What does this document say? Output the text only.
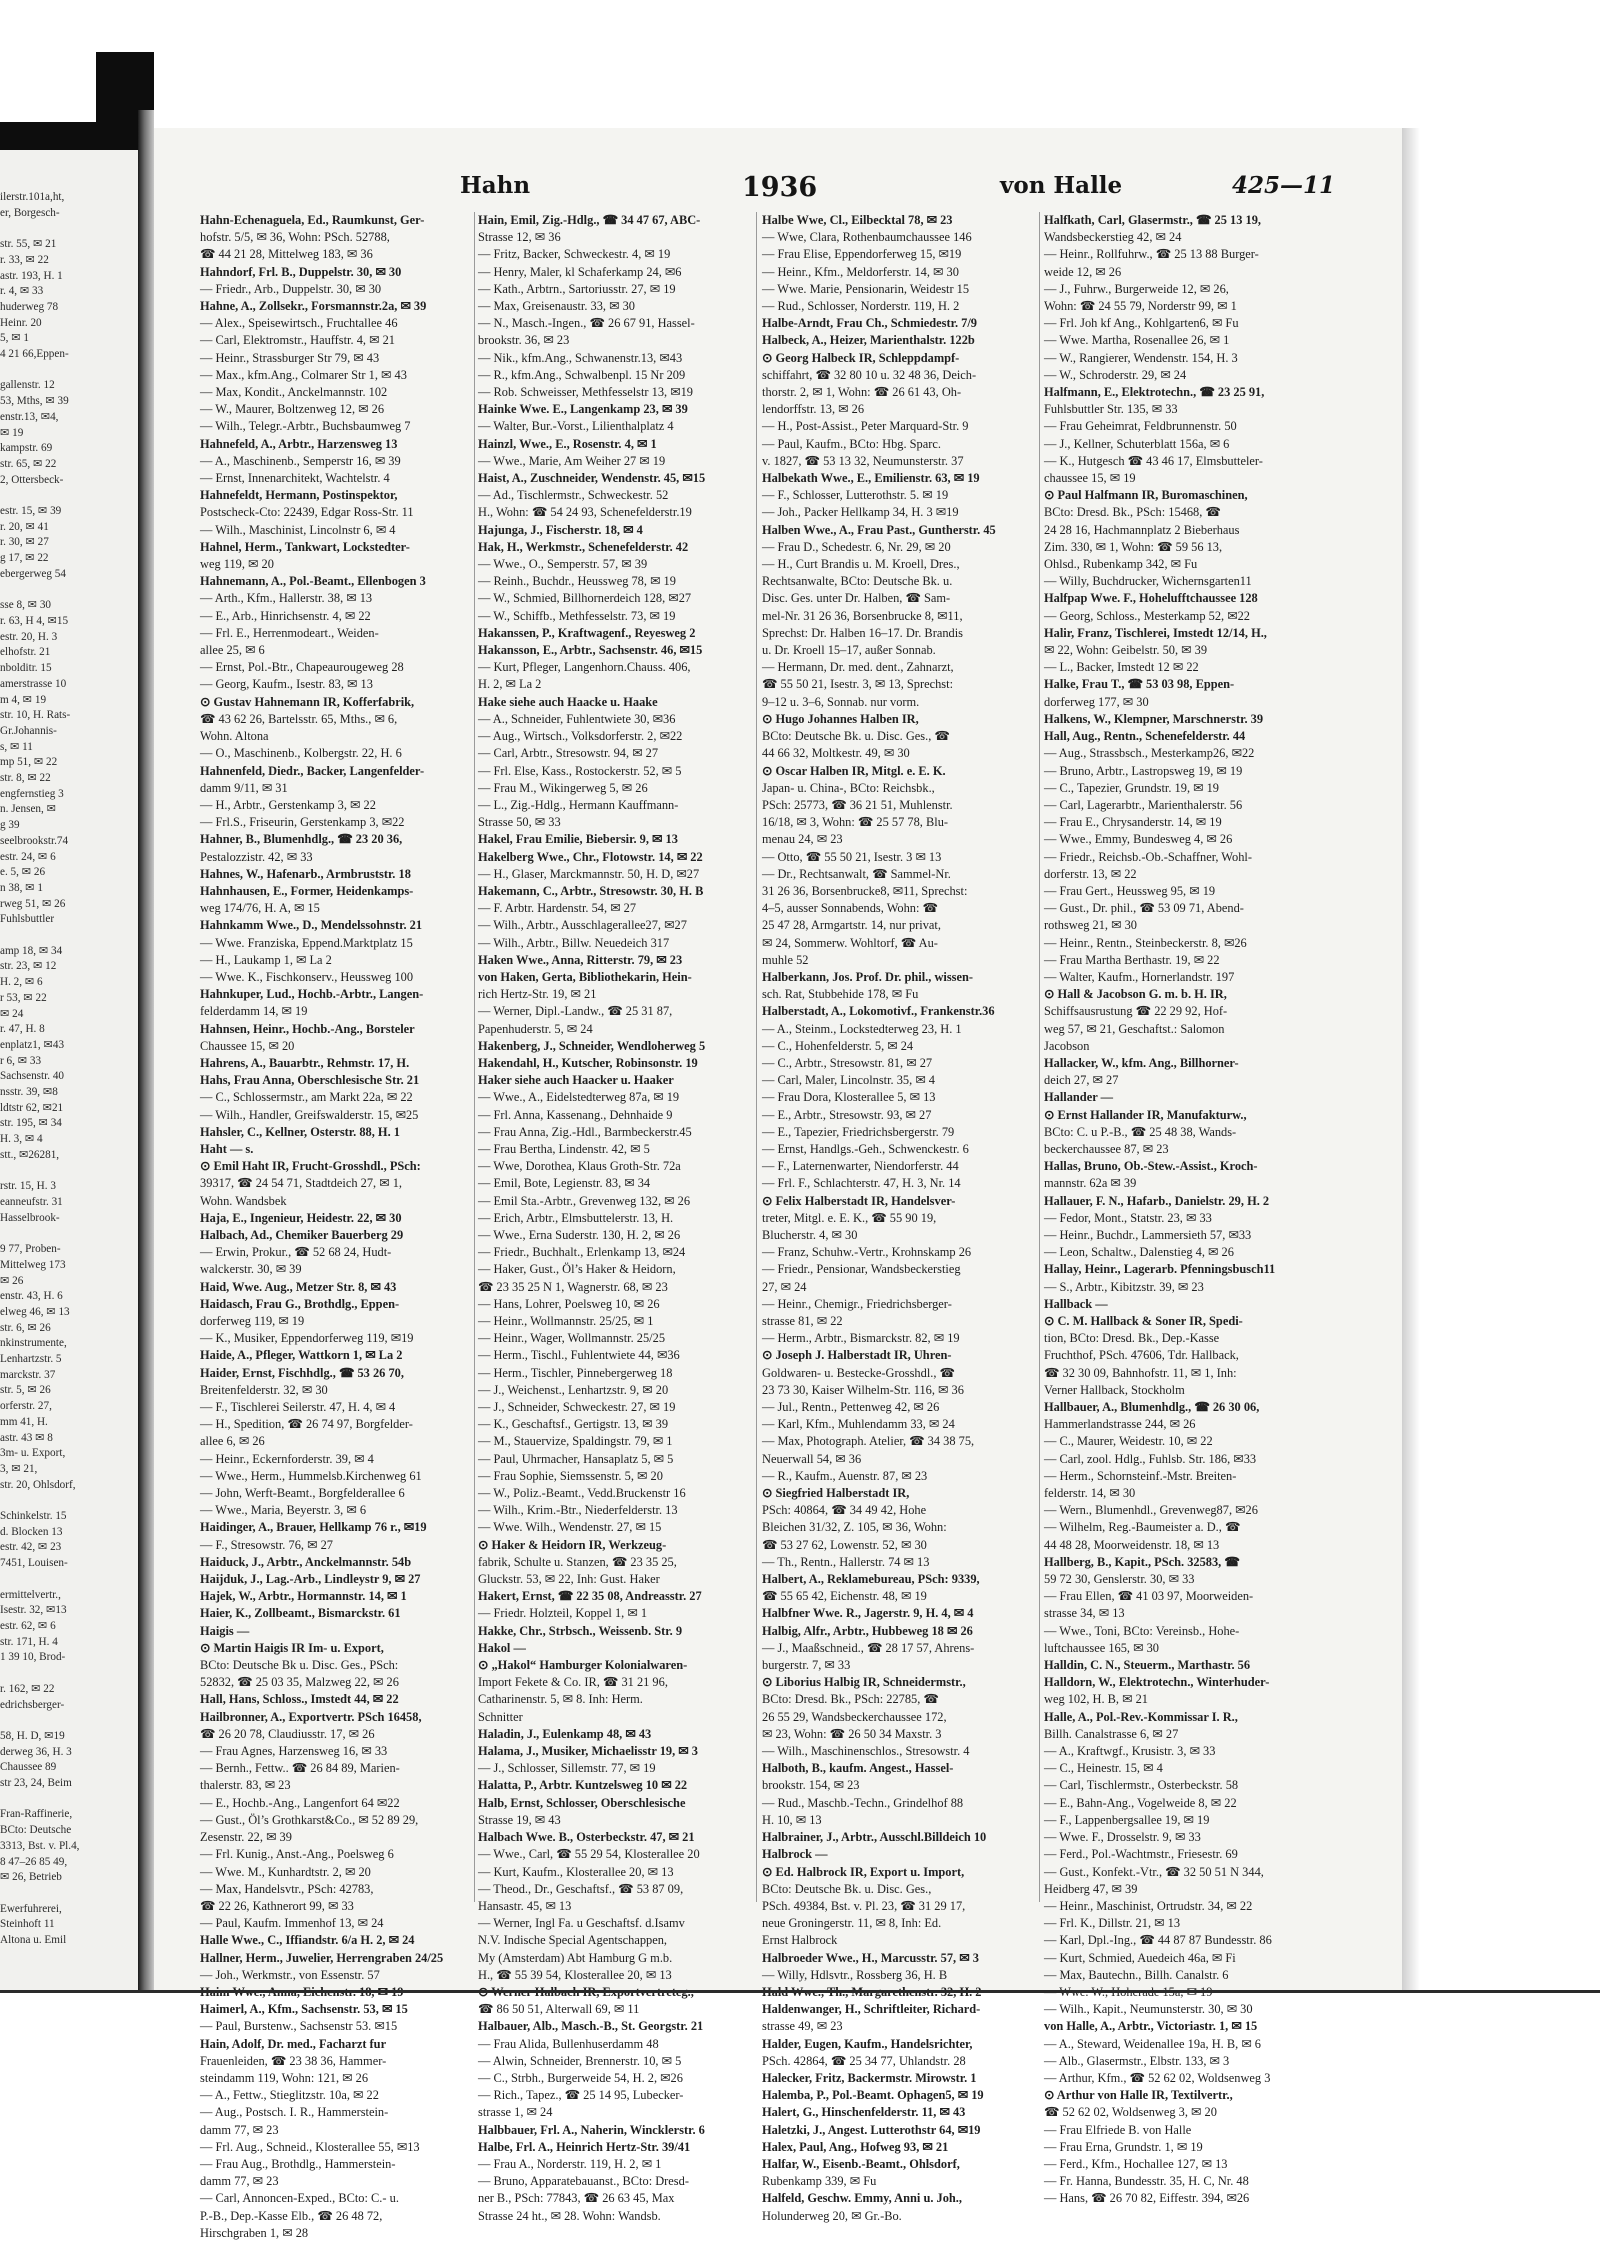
ilerstr.101a,ht,
er, Borgesch-

str. 55, ✉ 21
r. 33, ✉ 22
astr. 193, H. 1
r. 4, ✉ 33
huderweg 78
Heinr. 20
5, ✉ 1
4 21 66,Eppen-

gallenstr. 12
53, Mths, ✉ 39
enstr.13, ✉4,
✉ 19
kampstr. 69
str. 65, ✉ 22
2, Ottersbeck-

estr. 15, ✉ 39
r. 20, ✉ 41
r. 30, ✉ 27
g 17, ✉ 22
ebergerweg 54

sse 8, ✉ 30
r. 63, H 4, ✉15
estr. 20, H. 3
elhofstr. 21
nbolditr. 15
amerstrasse 10
m 4, ✉ 19
str. 10, H. Rats-
Gr.Johannis-
s, ✉ 11
mp 51, ✉ 22
str. 8, ✉ 22
engfernstieg 3
n. Jensen, ✉
g 39
seelbrookstr.74
estr. 24, ✉ 6
e. 5, ✉ 26
n 38, ✉ 1
rweg 51, ✉ 26
Fuhlsbuttler

amp 18, ✉ 34
str. 23, ✉ 12
H. 2, ✉ 6
r 53, ✉ 22
✉ 24
r. 47, H. 8
enplatz1, ✉43
r 6, ✉ 33
Sachsenstr. 40
nsstr. 39, ✉8
ldtstr 62, ✉21
str. 195, ✉ 34
H. 3, ✉ 4
stt., ✉26281,

rstr. 15, H. 3
eanneufstr. 31
Hasselbrook-

9 77, Proben-
Mittelweg 173
✉ 26
enstr. 43, H. 6
elweg 46, ✉ 13
str. 6, ✉ 26
nkinstrumente,
Lenhartzstr. 5
marckstr. 37
str. 5, ✉ 26
orferstr. 27,
mm 41, H.
astr. 43 ✉ 8
3m- u. Export,
3, ✉ 21,
str. 20, Ohlsdorf,

Schinkelstr. 15
d. Blocken 13
estr. 42, ✉ 23
7451, Louisen-

ermittelvertr.,
Isestr. 32, ✉13
estr. 62, ✉ 6
str. 171, H. 4
1 39 10, Brod-

r. 162, ✉ 22
edrichsberger-

58, H. D, ✉19
derweg 36, H. 3
Chaussee 89
str 23, 24, Beim

Fran-Raffinerie,
BCto: Deutsche
3313, Bst. v. Pl.4,
8 47–26 85 49,
✉ 26, Betrieb

Ewerfuhrerei,
Steinhoft 11
Altona u. Emil
Hahn	1936	von Halle	425—11
Hahn-Echenaguela, Ed., Raumkunst, Ger-
hofstr. 5/5, ✉ 36, Wohn: PSch. 52788,
☎ 44 21 28, Mittelweg 183, ✉ 36
Hahndorf, Frl. B., Duppelstr. 30, ✉ 30
— Friedr., Arb., Duppelstr. 30, ✉ 30
Hahne, A., Zollsekr., Forsmannstr.2a, ✉ 39
— Alex., Speisewirtsch., Fruchtallee 46
— Carl, Elektromstr., Hauffstr. 4, ✉ 21
— Heinr., Strassburger Str 79, ✉ 43
— Max., kfm.Ang., Colmarer Str 1, ✉ 43
— Max, Kondit., Anckelmannstr. 102
— W., Maurer, Boltzenweg 12, ✉ 26
— Wilh., Telegr.-Arbtr., Buchsbaumweg 7
Hahnefeld, A., Arbtr., Harzensweg 13
— A., Maschinenb., Semperstr 16, ✉ 39
— Ernst, Innenarchitekt, Wachtelstr. 4
Hahnefeldt, Hermann, Postinspektor,
Postscheck-Cto: 22439, Edgar Ross-Str. 11
— Wilh., Maschinist, Lincolnstr 6, ✉ 4
Hahnel, Herm., Tankwart, Lockstedter-
weg 119, ✉ 20
Hahnemann, A., Pol.-Beamt., Ellenbogen 3
— Arth., Kfm., Hallerstr. 38, ✉ 13
— E., Arb., Hinrichsenstr. 4, ✉ 22
— Frl. E., Herrenmodeart., Weiden-
allee 25, ✉ 6
— Ernst, Pol.-Btr., Chapeaurougeweg 28
— Georg, Kaufm., Isestr. 83, ✉ 13
⊙ Gustav Hahnemann IR, Kofferfabrik,
☎ 43 62 26, Bartelsstr. 65, Mths., ✉ 6,
Wohn. Altona
— O., Maschinenb., Kolbergstr. 22, H. 6
Hahnenfeld, Diedr., Backer, Langenfelder-
damm 9/11, ✉ 31
— H., Arbtr., Gerstenkamp 3, ✉ 22
— Frl.S., Friseurin, Gerstenkamp 3, ✉22
Hahner, B., Blumenhdlg., ☎ 23 20 36,
Pestalozzistr. 42, ✉ 33
Hahnes, W., Hafenarb., Armbruststr. 18
Hahnhausen, E., Former, Heidenkamps-
weg 174/76, H. A, ✉ 15
Hahnkamm Wwe., D., Mendelssohnstr. 21
— Wwe. Franziska, Eppend.Marktplatz 15
— H., Laukamp 1, ✉ La 2
— Wwe. K., Fischkonserv., Heussweg 100
Hahnkuper, Lud., Hochb.-Arbtr., Langen-
felderdamm 14, ✉ 19
Hahnsen, Heinr., Hochb.-Ang., Borsteler
Chaussee 15, ✉ 20
Hahrens, A., Bauarbtr., Rehmstr. 17, H.
Hahs, Frau Anna, Oberschlesische Str. 21
— C., Schlossermstr., am Markt 22a, ✉ 22
— Wilh., Handler, Greifswalderstr. 15, ✉25
Hahsler, C., Kellner, Osterstr. 88, H. 1
Haht — s.
⊙ Emil Haht IR, Frucht-Grosshdl., PSch:
39317, ☎ 24 54 71, Stadtdeich 27, ✉ 1,
Wohn. Wandsbek
Haja, E., Ingenieur, Heidestr. 22, ✉ 30
Halbach, Ad., Chemiker Bauerberg 29
— Erwin, Prokur., ☎ 52 68 24, Hudt-
walckerstr. 30, ✉ 39
Haid, Wwe. Aug., Metzer Str. 8, ✉ 43
Haidasch, Frau G., Brothdlg., Eppen-
dorferweg 119, ✉ 19
— K., Musiker, Eppendorferweg 119, ✉19
Haide, A., Pfleger, Wattkorn 1, ✉ La 2
Haider, Ernst, Fischhdlg., ☎ 53 26 70,
Breitenfelderstr. 32, ✉ 30
— F., Tischlerei Seilerstr. 47, H. 4, ✉ 4
— H., Spedition, ☎ 26 74 97, Borgfelder-
allee 6, ✉ 26
— Heinr., Eckernforderstr. 39, ✉ 4
— Wwe., Herm., Hummelsb.Kirchenweg 61
— John, Werft-Beamt., Borgfelderallee 6
— Wwe., Maria, Beyerstr. 3, ✉ 6
Haidinger, A., Brauer, Hellkamp 76 r., ✉19
— F., Stresowstr. 76, ✉ 27
Haiduck, J., Arbtr., Anckelmannstr. 54b
Haijduk, J., Lag.-Arb., Lindleystr 9, ✉ 27
Hajek, W., Arbtr., Hormannstr. 14, ✉ 1
Haier, K., Zollbeamt., Bismarckstr. 61
Haigis —
⊙ Martin Haigis IR Im- u. Export,
BCto: Deutsche Bk u. Disc. Ges., PSch:
52832, ☎ 25 03 35, Malzweg 22, ✉ 26
Hall, Hans, Schloss., Imstedt 44, ✉ 22
Hailbronner, A., Exportvertr. PSch 16458,
☎ 26 20 78, Claudiusstr. 17, ✉ 26
— Frau Agnes, Harzensweg 16, ✉ 33
— Bernh., Fettw.. ☎ 26 84 89, Marien-
thalerstr. 83, ✉ 23
— E., Hochb.-Ang., Langenfort 64 ✉22
— Gust., Öl’s Grothkarst&Co., ✉ 52 89 29,
Zesenstr. 22, ✉ 39
— Frl. Kunig., Anst.-Ang., Poelsweg 6
— Wwe. M., Kunhardtstr. 2, ✉ 20
— Max, Handelsvtr., PSch: 42783,
☎ 22 26, Kathnerort 99, ✉ 33
— Paul, Kaufm. Immenhof 13, ✉ 24
Halle Wwe., C., Iffiandstr. 6/a H. 2, ✉ 24
Hallner, Herm., Juwelier, Herrengraben 24/25
— Joh., Werkmstr., von Essenstr. 57
Haimerl, A., Kfm., Sachsenstr. 53, ✉ 15
— Paul, Burstenw., Sachsenstr 53. ✉15
Hain, Adolf, Dr. med., Facharzt fur
Frauenleiden, ☎ 23 38 36, Hammer-
steindamm 119, Wohn: 121, ✉ 26
— A., Fettw., Stieglitzstr. 10a, ✉ 22
— Aug., Postsch. I. R., Hammerstein-
damm 77, ✉ 23
— Frl. Aug., Schneid., Klosterallee 55, ✉13
— Frau Aug., Brothdlg., Hammerstein-
damm 77, ✉ 23
— Carl, Annoncen-Exped., BCto: C.- u.
P.-B., Dep.-Kasse Elb., ☎ 26 48 72,
Hirschgraben 1, ✉ 28
Hain, Emil, Zig.-Hdlg., ☎ 34 47 67, ABC-
Strasse 12, ✉ 36
— Fritz, Backer, Schweckestr. 4, ✉ 19
— Henry, Maler, kl Schaferkamp 24, ✉6
— Kath., Arbtrn., Sartoriusstr. 27, ✉ 19
— Max, Greisenaustr. 33, ✉ 30
— N., Masch.-Ingen., ☎ 26 67 91, Hassel-
brookstr. 36, ✉ 23
— Nik., kfm.Ang., Schwanenstr.13, ✉43
— R., kfm.Ang., Schwalbenpl. 15 Nr 209
— Rob. Schweisser, Methfesselstr 13, ✉19
Hainke Wwe. E., Langenkamp 23, ✉ 39
— Walter, Bur.-Vorst., Lilienthalplatz 4
Hainzl, Wwe., E., Rosenstr. 4, ✉ 1
— Wwe., Marie, Am Weiher 27 ✉ 19
Haist, A., Zuschneider, Wendenstr. 45, ✉15
— Ad., Tischlermstr., Schweckestr. 52
H., Wohn: ☎ 54 24 93, Schenefelderstr.19
Hajunga, J., Fischerstr. 18, ✉ 4
Hak, H., Werkmstr., Schenefelderstr. 42
— Wwe., O., Semperstr. 57, ✉ 39
— Reinh., Buchdr., Heussweg 78, ✉ 19
— W., Schmied, Billhornerdeich 128, ✉27
— W., Schiffb., Methfesselstr. 73, ✉ 19
Hakanssen, P., Kraftwagenf., Reyesweg 2
Hakansson, E., Arbtr., Sachsenstr. 46, ✉15
— Kurt, Pfleger, Langenhorn.Chauss. 406,
H. 2, ✉ La 2
Hake siehe auch Haacke u. Haake
— A., Schneider, Fuhlentwiete 30, ✉36
— Aug., Wirtsch., Volksdorferstr. 2, ✉22
— Carl, Arbtr., Stresowstr. 94, ✉ 27
— Frl. Else, Kass., Rostockerstr. 52, ✉ 5
— Frau M., Wikingerweg 5, ✉ 26
— L., Zig.-Hdlg., Hermann Kauffmann-
Strasse 50, ✉ 33
Hakel, Frau Emilie, Biebersir. 9, ✉ 13
Hakelberg Wwe., Chr., Flotowstr. 14, ✉ 22
— H., Glaser, Marckmannstr. 50, H. D, ✉27
Hakemann, C., Arbtr., Stresowstr. 30, H. B
— F. Arbtr. Hardenstr. 54, ✉ 27
— Wilh., Arbtr., Ausschlagerallee27, ✉27
— Wilh., Arbtr., Billw. Neuedeich 317
Haken Wwe., Anna, Ritterstr. 79, ✉ 23
von Haken, Gerta, Bibliothekarin, Hein-
rich Hertz-Str. 19, ✉ 21
— Werner, Dipl.-Landw., ☎ 25 31 87,
Papenhuderstr. 5, ✉ 24
Hakenberg, J., Schneider, Wendloherweg 5
Hakendahl, H., Kutscher, Robinsonstr. 19
Haker siehe auch Haacker u. Haaker
— Wwe., A., Eidelstedterweg 87a, ✉ 19
— Frl. Anna, Kassenang., Dehnhaide 9
— Frau Anna, Zig.-Hdl., Barmbeckerstr.45
— Frau Bertha, Lindenstr. 42, ✉ 5
— Wwe, Dorothea, Klaus Groth-Str. 72a
— Emil, Bote, Legienstr. 83, ✉ 34
— Emil Sta.-Arbtr., Grevenweg 132, ✉ 26
— Erich, Arbtr., Elmsbuttelerstr. 13, H.
— Wwe., Erna Suderstr. 130, H. 2, ✉ 26
— Friedr., Buchhalt., Erlenkamp 13, ✉24
— Haker, Gust., Öl’s Haker & Heidorn,
☎ 23 35 25 N 1, Wagnerstr. 68, ✉ 23
— Hans, Lohrer, Poelsweg 10, ✉ 26
— Heinr., Wollmannstr. 25/25, ✉ 1
— Heinr., Wager, Wollmannstr. 25/25
— Herm., Tischl., Fuhlentwiete 44, ✉36
— Herm., Tischler, Pinnebergerweg 18
— J., Weichenst., Lenhartzstr. 9, ✉ 20
— J., Schneider, Schweckestr. 27, ✉ 19
— K., Geschaftsf., Gertigstr. 13, ✉ 39
— M., Stauervize, Spaldingstr. 79, ✉ 1
— Paul, Uhrmacher, Hansaplatz 5, ✉ 5
— Frau Sophie, Siemssenstr. 5, ✉ 20
— W., Poliz.-Beamt., Vedd.Bruckenstr 16
— Wilh., Krim.-Btr., Niederfelderstr. 13
— Wwe. Wilh., Wendenstr. 27, ✉ 15
⊙ Haker & Heidorn IR, Werkzeug-
fabrik, Schulte u. Stanzen, ☎ 23 35 25,
Gluckstr. 53, ✉ 22, Inh: Gust. Haker
Hakert, Ernst, ☎ 22 35 08, Andreasstr. 27
— Friedr. Holzteil, Koppel 1, ✉ 1
Hakke, Chr., Strbsch., Weissenb. Str. 9
Hakol —
⊙ „Hakol“ Hamburger Kolonialwaren-
Import Fekete & Co. IR, ☎ 31 21 96,
Catharinenstr. 5, ✉ 8. Inh: Herm.
Schnitter
Haladin, J., Eulenkamp 48, ✉ 43
Halama, J., Musiker, Michaelisstr 19, ✉ 3
— J., Schlosser, Sillemstr. 77, ✉ 19
Halatta, P., Arbtr. Kuntzelsweg 10 ✉ 22
Halb, Ernst, Schlosser, Oberschlesische
Strasse 19, ✉ 43
Halbach Wwe. B., Osterbeckstr. 47, ✉ 21
— Wwe., Carl, ☎ 55 29 54, Klosterallee 20
— Kurt, Kaufm., Klosterallee 20, ✉ 13
— Theod., Dr., Geschaftsf., ☎ 53 87 09,
Hansastr. 45, ✉ 13
— Werner, Ingl Fa. u Geschaftsf. d.Isamv
N.V. Indische Special Agentschappen,
My (Amsterdam) Abt Hamburg G m.b.
H., ☎ 55 39 54, Klosterallee 20, ✉ 13
☎ 86 50 51, Alterwall 69, ✉ 11
Halbauer, Alb., Masch.-B., St. Georgstr. 21
— Frau Alida, Bullenhuserdamm 48
— Alwin, Schneider, Brennerstr. 10, ✉ 5
— C., Strbh., Burgerweide 54, H. 2, ✉26
— Rich., Tapez., ☎ 25 14 95, Lubecker-
strasse 1, ✉ 24
Halbbauer, Frl. A., Naherin, Wincklerstr. 6
Halbe, Frl. A., Heinrich Hertz-Str. 39/41
— Frau A., Norderstr. 119, H. 2, ✉ 1
— Bruno, Apparatebauanst., BCto: Dresd-
ner B., PSch: 77843, ☎ 26 63 45, Max
Strasse 24 ht., ✉ 28. Wohn: Wandsb.
Halbe Wwe, Cl., Eilbecktal 78, ✉ 23
— Wwe, Clara, Rothenbaumchaussee 146
— Frau Elise, Eppendorferweg 15, ✉19
— Heinr., Kfm., Meldorferstr. 14, ✉ 30
— Wwe. Marie, Pensionarin, Weidestr 15
— Rud., Schlosser, Norderstr. 119, H. 2
Halbe-Arndt, Frau Ch., Schmiedestr. 7/9
Halbeck, A., Heizer, Marienthalstr. 122b
⊙ Georg Halbeck IR, Schleppdampf-
schiffahrt, ☎ 32 80 10 u. 32 48 36, Deich-
thorstr. 2, ✉ 1, Wohn: ☎ 26 61 43, Oh-
lendorffstr. 13, ✉ 26
— H., Post-Assist., Peter Marquard-Str. 9
— Paul, Kaufm., BCto: Hbg. Sparc.
v. 1827, ☎ 53 13 32, Neumunsterstr. 37
Halbekath Wwe., E., Emilienstr. 63, ✉ 19
— F., Schlosser, Lutterothstr. 5. ✉ 19
— Joh., Packer Hellkamp 34, H. 3 ✉19
Halben Wwe., A., Frau Past., Guntherstr. 45
— Frau D., Schedestr. 6, Nr. 29, ✉ 20
— H., Curt Brandis u. M. Kroell, Dres.,
Rechtsanwalte, BCto: Deutsche Bk. u.
Disc. Ges. unter Dr. Halben, ☎ Sam-
mel-Nr. 31 26 36, Borsenbrucke 8, ✉11,
Sprechst: Dr. Halben 16–17. Dr. Brandis
u. Dr. Kroell 15–17, außer Sonnab.
— Hermann, Dr. med. dent., Zahnarzt,
☎ 55 50 21, Isestr. 3, ✉ 13, Sprechst:
9–12 u. 3–6, Sonnab. nur vorm.
⊙ Hugo Johannes Halben IR,
BCto: Deutsche Bk. u. Disc. Ges., ☎
44 66 32, Moltkestr. 49, ✉ 30
⊙ Oscar Halben IR, Mitgl. e. E. K.
Japan- u. China-, BCto: Reichsbk.,
PSch: 25773, ☎ 36 21 51, Muhlenstr.
16/18, ✉ 3, Wohn: ☎ 25 57 78, Blu-
menau 24, ✉ 23
— Otto, ☎ 55 50 21, Isestr. 3 ✉ 13
— Dr., Rechtsanwalt, ☎ Sammel-Nr.
31 26 36, Borsenbrucke8, ✉11, Sprechst:
4–5, ausser Sonnabends, Wohn: ☎
25 47 28, Armgartstr. 14, nur privat,
✉ 24, Sommerw. Wohltorf, ☎ Au-
muhle 52
Halberkann, Jos. Prof. Dr. phil., wissen-
sch. Rat, Stubbehide 178, ✉ Fu
Halberstadt, A., Lokomotivf., Frankenstr.36
— A., Steinm., Lockstedterweg 23, H. 1
— C., Hohenfelderstr. 5, ✉ 24
— C., Arbtr., Stresowstr. 81, ✉ 27
— Carl, Maler, Lincolnstr. 35, ✉ 4
— Frau Dora, Klosterallee 5, ✉ 13
— E., Arbtr., Stresowstr. 93, ✉ 27
— E., Tapezier, Friedrichsbergerstr. 79
— Ernst, Handlgs.-Geh., Schwenckestr. 6
— F., Laternenwarter, Niendorferstr. 44
— Frl. F., Schlachterstr. 47, H. 3, Nr. 14
⊙ Felix Halberstadt IR, Handelsver-
treter, Mitgl. e. E. K., ☎ 55 90 19,
Blucherstr. 4, ✉ 30
— Franz, Schuhw.-Vertr., Krohnskamp 26
— Friedr., Pensionar, Wandsbeckerstieg
27, ✉ 24
— Heinr., Chemigr., Friedrichsberger-
strasse 81, ✉ 22
— Herm., Arbtr., Bismarckstr. 82, ✉ 19
⊙ Joseph J. Halberstadt IR, Uhren-
Goldwaren- u. Bestecke-Grosshdl., ☎
23 73 30, Kaiser Wilhelm-Str. 116, ✉ 36
— Jul., Rentn., Pettenweg 42, ✉ 26
— Karl, Kfm., Muhlendamm 33, ✉ 24
— Max, Photograph. Atelier, ☎ 34 38 75,
Neuerwall 54, ✉ 36
— R., Kaufm., Auenstr. 87, ✉ 23
⊙ Siegfried Halberstadt IR,
PSch: 40864, ☎ 34 49 42, Hohe
Bleichen 31/32, Z. 105, ✉ 36, Wohn:
☎ 53 27 62, Lowenstr. 52, ✉ 30
— Th., Rentn., Hallerstr. 74 ✉ 13
Halbert, A., Reklamebureau, PSch: 9339,
☎ 55 65 42, Eichenstr. 48, ✉ 19
Halbfner Wwe. R., Jagerstr. 9, H. 4, ✉ 4
Halbig, Alfr., Arbtr., Hubbeweg 18 ✉ 26
— J., Maaßschneid., ☎ 28 17 57, Ahrens-
burgerstr. 7, ✉ 33
⊙ Liborius Halbig IR, Schneidermstr.,
BCto: Dresd. Bk., PSch: 22785, ☎
26 55 29, Wandsbeckerchaussee 172,
✉ 23, Wohn: ☎ 26 50 34 Maxstr. 3
— Wilh., Maschinenschlos., Stresowstr. 4
Halboth, B., kaufm. Angest., Hassel-
brookstr. 154, ✉ 23
— Rud., Maschb.-Techn., Grindelhof 88
H. 10, ✉ 13
Halbrainer, J., Arbtr., Ausschl.Billdeich 10
Halbrock —
⊙ Ed. Halbrock IR, Export u. Import,
BCto: Deutsche Bk. u. Disc. Ges.,
PSch. 49384, Bst. v. Pl. 23, ☎ 31 29 17,
neue Groningerstr. 11, ✉ 8, Inh: Ed.
Ernst Halbrock
Halbroeder Wwe., H., Marcusstr. 57, ✉ 3
— Willy, Hdlsvtr., Rossberg 36, H. B
Haldenwanger, H., Schriftleiter, Richard-
strasse 49, ✉ 23
Halder, Eugen, Kaufm., Handelsrichter,
PSch. 42864, ☎ 25 34 77, Uhlandstr. 28
Halecker, Fritz, Backermstr. Mirowstr. 1
Halemba, P., Pol.-Beamt. Ophagen5, ✉ 19
Halert, G., Hinschenfelderstr. 11, ✉ 43
Haletzki, J., Angest. Lutterothstr 64, ✉19
Halex, Paul, Ang., Hofweg 93, ✉ 21
Halfar, W., Eisenb.-Beamt., Ohlsdorf,
Rubenkamp 339, ✉ Fu
Halfeld, Geschw. Emmy, Anni u. Joh.,
Holunderweg 20, ✉ Gr.-Bo.
Halfkath, Carl, Glasermstr., ☎ 25 13 19,
Wandsbeckerstieg 42, ✉ 24
— Heinr., Rollfuhrw., ☎ 25 13 88 Burger-
weide 12, ✉ 26
— J., Fuhrw., Burgerweide 12, ✉ 26,
Wohn: ☎ 24 55 79, Norderstr 99, ✉ 1
— Frl. Joh kf Ang., Kohlgarten6, ✉ Fu
— Wwe. Martha, Rosenallee 26, ✉ 1
— W., Rangierer, Wendenstr. 154, H. 3
— W., Schroderstr. 29, ✉ 24
Halfmann, E., Elektrotechn., ☎ 23 25 91,
Fuhlsbuttler Str. 135, ✉ 33
— Frau Geheimrat, Feldbrunnenstr. 50
— J., Kellner, Schuterblatt 156a, ✉ 6
— K., Hutgesch ☎ 43 46 17, Elmsbutteler-
chaussee 15, ✉ 19
⊙ Paul Halfmann IR, Buromaschinen,
BCto: Dresd. Bk., PSch: 15468, ☎
24 28 16, Hachmannplatz 2 Bieberhaus
Zim. 330, ✉ 1, Wohn: ☎ 59 56 13,
Ohlsd., Rubenkamp 342, ✉ Fu
— Willy, Buchdrucker, Wichernsgarten11
Halfpap Wwe. F., Hohelufftchaussee 128
— Georg, Schloss., Mesterkamp 52, ✉22
Halir, Franz, Tischlerei, Imstedt 12/14, H.,
✉ 22, Wohn: Geibelstr. 50, ✉ 39
— L., Backer, Imstedt 12 ✉ 22
Halke, Frau T., ☎ 53 03 98, Eppen-
dorferweg 177, ✉ 30
Halkens, W., Klempner, Marschnerstr. 39
Hall, Aug., Rentn., Schenefelderstr. 44
— Aug., Strassbsch., Mesterkamp26, ✉22
— Bruno, Arbtr., Lastropsweg 19, ✉ 19
— C., Tapezier, Grundstr. 19, ✉ 19
— Carl, Lagerarbtr., Marienthalerstr. 56
— Frau E., Chrysanderstr. 14, ✉ 19
— Wwe., Emmy, Bundesweg 4, ✉ 26
— Friedr., Reichsb.-Ob.-Schaffner, Wohl-
dorferstr. 13, ✉ 22
— Frau Gert., Heussweg 95, ✉ 19
— Gust., Dr. phil., ☎ 53 09 71, Abend-
rothsweg 21, ✉ 30
— Heinr., Rentn., Steinbeckerstr. 8, ✉26
— Frau Martha Berthastr. 19, ✉ 22
— Walter, Kaufm., Hornerlandstr. 197
⊙ Hall & Jacobson G. m. b. H. IR,
Schiffsausrustung ☎ 22 29 92, Hof-
weg 57, ✉ 21, Geschaftst.: Salomon
Jacobson
Hallacker, W., kfm. Ang., Billhorner-
deich 27, ✉ 27
Hallander —
⊙ Ernst Hallander IR, Manufakturw.,
BCto: C. u P.-B., ☎ 25 48 38, Wands-
beckerchaussee 87, ✉ 23
Hallas, Bruno, Ob.-Stew.-Assist., Kroch-
mannstr. 62a ✉ 39
Hallauer, F. N., Hafarb., Danielstr. 29, H. 2
— Fedor, Mont., Statstr. 23, ✉ 33
— Heinr., Buchdr., Lammersieth 57, ✉33
— Leon, Schaltw., Dalenstieg 4, ✉ 26
Hallay, Heinr., Lagerarb. Pfenningsbusch11
— S., Arbtr., Kibitzstr. 39, ✉ 23
Hallback —
⊙ C. M. Hallback & Soner IR, Spedi-
tion, BCto: Dresd. Bk., Dep.-Kasse
Fruchthof, PSch. 47606, Tdr. Hallback,
☎ 32 30 09, Bahnhofstr. 11, ✉ 1, Inh:
Verner Hallback, Stockholm
Hallbauer, A., Blumenhdlg., ☎ 26 30 06,
Hammerlandstrasse 244, ✉ 26
— C., Maurer, Weidestr. 10, ✉ 22
— Carl, zool. Hdlg., Fuhlsb. Str. 186, ✉33
— Herm., Schornsteinf.-Mstr. Breiten-
felderstr. 14, ✉ 30
— Wern., Blumenhdl., Grevenweg87, ✉26
— Wilhelm, Reg.-Baumeister a. D., ☎
44 48 28, Moorweidenstr. 18, ✉ 13
Hallberg, B., Kapit., PSch. 32583, ☎
59 72 30, Genslerstr. 30, ✉ 33
— Frau Ellen, ☎ 41 03 97, Moorweiden-
strasse 34, ✉ 13
— Wwe., Toni, BCto: Vereinsb., Hohe-
luftchaussee 165, ✉ 30
Halldin, C. N., Steuerm., Marthastr. 56
Halldorn, W., Elektrotechn., Winterhuder-
weg 102, H. B, ✉ 21
Halle, A., Pol.-Rev.-Kommissar I. R.,
Billh. Canalstrasse 6, ✉ 27
— A., Kraftwgf., Krusistr. 3, ✉ 33
— C., Heinestr. 15, ✉ 4
— Carl, Tischlermstr., Osterbeckstr. 58
— E., Bahn-Ang., Vogelweide 8, ✉ 22
— F., Lappenbergsallee 19, ✉ 19
— Wwe. F., Drosselstr. 9, ✉ 33
— Ferd., Pol.-Wachtmstr., Friesestr. 69
— Gust., Konfekt.-Vtr., ☎ 32 50 51 N 344,
Heidberg 47, ✉ 39
— Heinr., Maschinist, Ortrudstr. 34, ✉ 22
— Frl. K., Dillstr. 21, ✉ 13
— Karl, Dpl.-Ing., ☎ 44 87 87 Bundesstr. 86
— Kurt, Schmied, Auedeich 46a, ✉ Fi
— Max, Bautechn., Billh. Canalstr. 6
— Wilh., Kapit., Neumunsterstr. 30, ✉ 30
von Halle, A., Arbtr., Victoriastr. 1, ✉ 15
— A., Steward, Weidenallee 19a, H. B, ✉ 6
— Alb., Glasermstr., Elbstr. 133, ✉ 3
— Arthur, Kfm., ☎ 52 62 02, Woldsenweg 3
⊙ Arthur von Halle IR, Textilvertr.,
☎ 52 62 02, Woldsenweg 3, ✉ 20
— Frau Elfriede B. von Halle
— Frau Erna, Grundstr. 1, ✉ 19
— Ferd., Kfm., Hochallee 127, ✉ 13
— Fr. Hanna, Bundesstr. 35, H. C, Nr. 48
— Hans, ☎ 26 70 82, Eiffestr. 394, ✉26
